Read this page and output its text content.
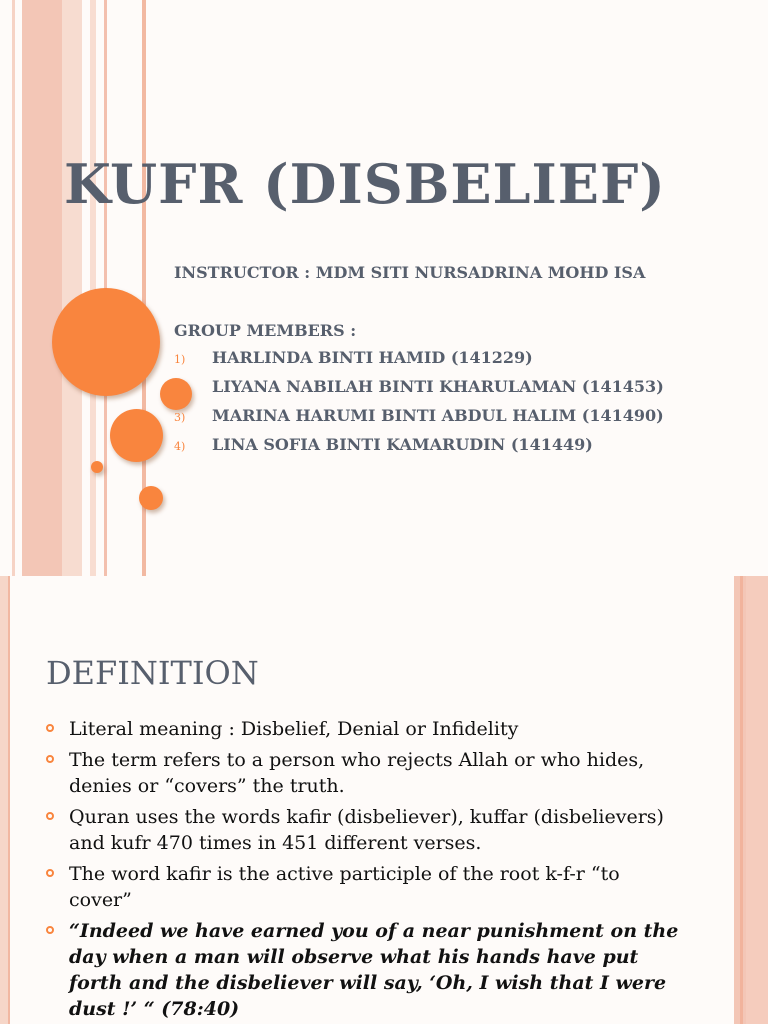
KUFR (DISBELIEF)
INSTRUCTOR : MDM SITI NURSADRINA MOHD ISA
GROUP MEMBERS :
1) HARLINDA BINTI HAMID (141229)
LIYANA NABILAH BINTI KHARULAMAN (141453)
3) MARINA HARUMI BINTI ABDUL HALIM (141490)
4) LINA SOFIA BINTI KAMARUDIN (141449)
DEFINITION
Literal meaning : Disbelief, Denial or Infidelity
The term refers to a person who rejects Allah or who hides, denies or “covers” the truth.
Quran uses the words kafir (disbeliever), kuffar (disbelievers) and kufr 470 times in 451 different verses.
The word kafir is the active participle of the root k-f-r “to cover”
“Indeed we have earned you of a near punishment on the day when a man will observe what his hands have put forth and the disbeliever will say, ‘Oh, I wish that I were dust !’ “ (78:40)
